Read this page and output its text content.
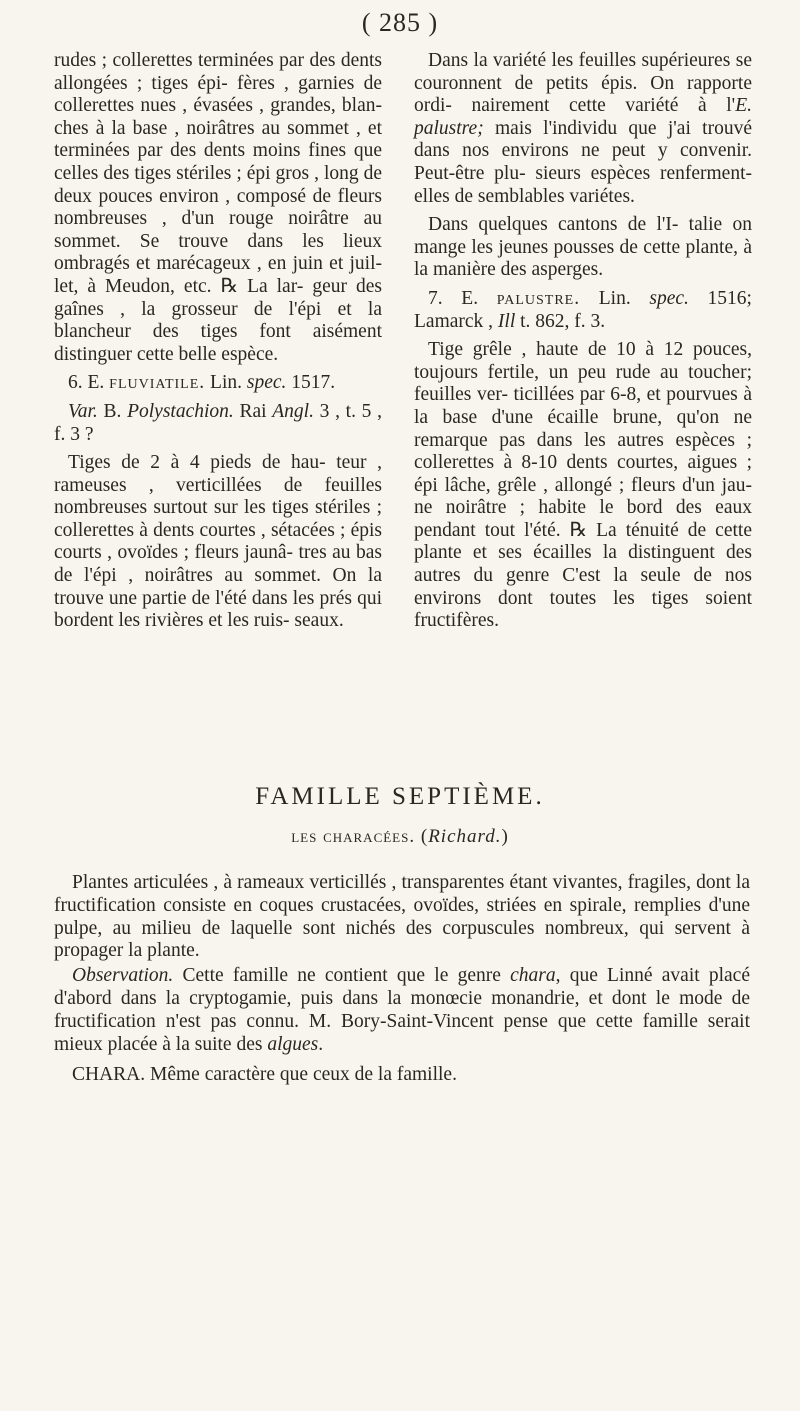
( 285 )

rudes ; collerettes terminées par des dents allongées ; tiges épi- fères , garnies de collerettes nues , évasées , grandes, blan- ches à la base , noirâtres au sommet , et terminées par des dents moins fines que celles des tiges stériles ; épi gros , long de deux pouces environ , composé de fleurs nombreuses , d'un rouge noirâtre au sommet. Se trouve dans les lieux ombragés et marécageux , en juin et juil- let, à Meudon, etc. ℞ La lar- geur des gaînes , la grosseur de l'épi et la blancheur des tiges font aisément distinguer cette belle espèce.

6. E. fluviatile. Lin. spec. 1517.

Var. B. Polystachion. Rai Angl. 3 , t. 5 , f. 3 ?

Tiges de 2 à 4 pieds de hau- teur , rameuses , verticillées de feuilles nombreuses surtout sur les tiges stériles ; collerettes à dents courtes , sétacées ; épis courts , ovoïdes ; fleurs jaunâ- tres au bas de l'épi , noirâtres au sommet. On la trouve une partie de l'été dans les prés qui bordent les rivières et les ruis- seaux.

Dans la variété les feuilles supérieures se couronnent de petits épis. On rapporte ordi- nairement cette variété à l'E. palustre; mais l'individu que j'ai trouvé dans nos environs ne peut y convenir. Peut-être plu- sieurs espèces renferment-elles de semblables variétes.

Dans quelques cantons de l'I- talie on mange les jeunes pousses de cette plante, à la manière des asperges.

7. E. palustre. Lin. spec. 1516; Lamarck , Ill t. 862, f. 3.

Tige grêle , haute de 10 à 12 pouces, toujours fertile, un peu rude au toucher; feuilles ver- ticillées par 6-8, et pourvues à la base d'une écaille brune, qu'on ne remarque pas dans les autres espèces ; collerettes à 8-10 dents courtes, aigues ; épi lâche, grêle , allongé ; fleurs d'un jau- ne noirâtre ; habite le bord des eaux pendant tout l'été. ℞ La ténuité de cette plante et ses écailles la distinguent des autres du genre C'est la seule de nos environs dont toutes les tiges soient fructifères.

FAMILLE SEPTIÈME.
les characées. (Richard.)

Plantes articulées , à rameaux verticillés , transparentes étant vivantes, fragiles, dont la fructification consiste en coques crustacées, ovoïdes, striées en spirale, remplies d'une pulpe, au milieu de laquelle sont nichés des corpuscules nombreux, qui servent à propager la plante.

Observation. Cette famille ne contient que le genre chara, que Linné avait placé d'abord dans la cryptogamie, puis dans la monœcie monandrie, et dont le mode de fructification n'est pas connu. M. Bory-Saint-Vincent pense que cette famille serait mieux placée à la suite des algues.

CHARA. Même caractère que ceux de la famille.
